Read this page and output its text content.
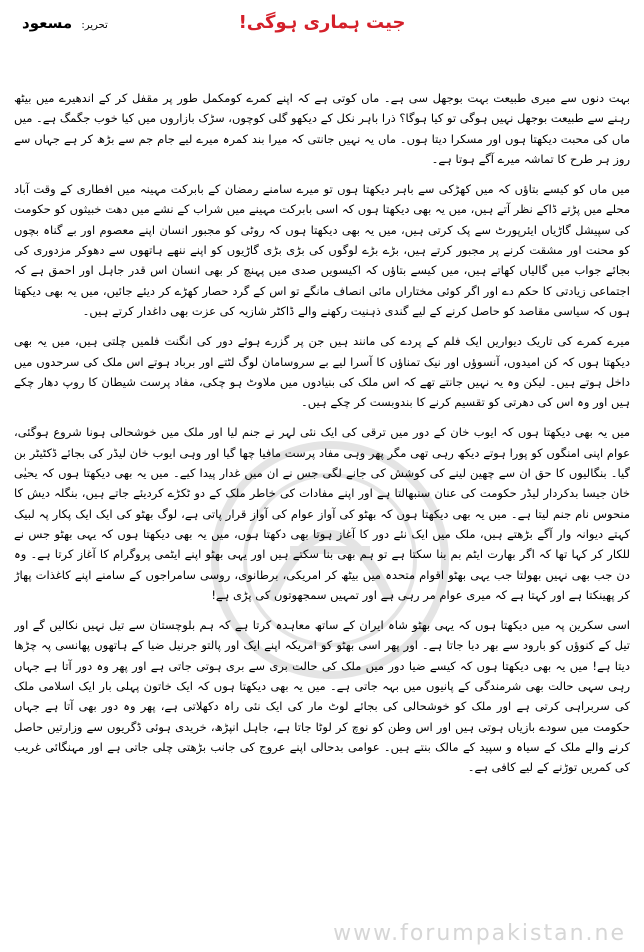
تحریر: مسعود	جیت ہماری ہوگی!

بہت دنوں سے میری طبیعت بہت بوجھل سی ہے۔ ماں کوتی ہے کہ اپنے کمرے کومکمل طور پر مقفل کر کے اندھیرے میں بیٹھ رہنے سے طبیعت بوجھل نہیں ہوگی تو کیا ہوگا؟ ذرا باہر نکل کے دیکھو گلی کوچوں، سڑک بازاروں میں کیا خوب جگمگ ہے۔ میں ماں کی محبت دیکھتا ہوں اور مسکرا دیتا ہوں۔ ماں یہ نہیں جانتی کہ میرا بند کمرہ میرے لیے جام جم سے بڑھ کر ہے جہاں سے روز ہر طرح کا تماشہ میرے آگے ہوتا ہے۔

میں ماں کو کیسے بتاؤں کہ میں کھڑکی سے باہر دیکھتا ہوں تو میرے سامنے رمضان کے بابرکت مہینہ میں افطاری کے وقت آباد محلے میں پڑتے ڈاکے نظر آتے ہیں، میں یہ بھی دیکھتا ہوں کہ اسی بابرکت مہینے میں شراب کے نشے میں دھت خبیثوں کو حکومت کی سپیشل گاڑیاں ایئرپورٹ سے پک کرتی ہیں، میں یہ بھی دیکھتا ہوں کہ روٹی کو مجبور انسان اپنے معصوم اور بے گناہ بچوں کو محنت اور مشقت کرنے پر مجبور کرتے ہیں، بڑے بڑے لوگوں کی بڑی بڑی گاڑیوں کو اپنے ننھے ہاتھوں سے دھوکر مزدوری کی بجائے جواب میں گالیاں کھاتے ہیں، میں کیسے بتاؤں کہ اکیسویں صدی میں پہنچ کر بھی انسان اس قدر جاہل اور احمق ہے کہ اجتماعی زیادتی کا حکم دے اور اگر کوئی مختاراں مائی انصاف مانگے تو اس کے گرد حصار کھڑے کر دیئے جائیں، میں یہ بھی دیکھتا ہوں کہ سیاسی مقاصد کو حاصل کرنے کے لیے گندی ذہنیت رکھنے والے ڈاکٹر شازیہ کی عزت بھی داغدار کرتے ہیں۔

میرے کمرے کی تاریک دیواریں ایک فلم کے پردے کی مانند ہیں جن پر گزرے ہوئے دور کی انگنت فلمیں چلتی ہیں، میں یہ بھی دیکھتا ہوں کہ کن امیدوں، آنسوؤں اور نیک تمناؤں کا آسرا لیے بے سروسامان لوگ لٹتے اور برباد ہوتے اس ملک کی سرحدوں میں داخل ہوتے ہیں۔ لیکن وہ یہ نہیں جانتے تھے کہ اس ملک کی بنیادوں میں ملاوٹ ہو چکی، مفاد پرست شیطان کا روپ دھار چکے ہیں اور وہ اس کی دھرتی کو تقسیم کرنے کا بندوبست کر چکے ہیں۔

میں یہ بھی دیکھتا ہوں کہ ایوب خان کے دور میں ترقی کی ایک نئی لہر نے جنم لیا اور ملک میں خوشحالی ہونا شروع ہوگئی، عوام اپنی امنگوں کو پورا ہوتے دیکھ رہی تھی مگر پھر وہی مفاد پرست مافیا چھا گیا اور وہی ایوب خان لیڈر کی بجائے ڈکٹیٹر بن گیا۔ بنگالیوں کا حق ان سے چھین لینے کی کوشش کی جانے لگی جس نے ان میں غدار پیدا کیے۔ میں یہ بھی دیکھتا ہوں کہ یحیٰی خان جیسا بدکردار لیڈر حکومت کی عنان سنبھالتا ہے اور اپنے مفادات کی خاطر ملک کے دو ٹکڑے کردیئے جاتے ہیں، بنگلہ دیش کا منحوس نام جنم لیتا ہے۔ میں یہ بھی دیکھتا ہوں کہ بھٹو کی آواز عوام کی آواز قرار پاتی ہے، لوگ بھٹو کی ایک ایک پکار پہ لبیک کہتے دیوانہ وار آگے بڑھتے ہیں، ملک میں ایک نئے دور کا آغاز ہوتا بھی دکھتا ہوں، میں یہ بھی دیکھتا ہوں کہ یہی بھٹو جس نے للکار کر کہا تھا کہ اگر بھارت ایٹم بم بنا سکتا ہے تو ہم بھی بنا سکتے ہیں اور یہی بھٹو اپنے ایٹمی پروگرام کا آغاز کرتا ہے۔ وہ دن جب بھی نہیں بھولتا جب یہی بھٹو اقوام متحدہ میں بیٹھ کر امریکی، برطانوی، روسی سامراجوں کے سامنے اپنے کاغذات پھاڑ کر پھینکتا ہے اور کہتا ہے کہ میری عوام مر رہی ہے اور تمہیں سمجھوتوں کی پڑی ہے!

اسی سکرین پہ میں دیکھتا ہوں کہ یہی بھٹو شاہ ایران کے ساتھ معاہدہ کرتا ہے کہ ہم بلوچستان سے تیل نہیں نکالیں گے اور تیل کے کنوؤں کو بارود سے بھر دیا جاتا ہے۔ اور پھر اسی بھٹو کو امریکہ اپنے ایک اور پالتو جرنیل ضیا کے ہاتھوں پھانسی پہ چڑھا دیتا ہے! میں یہ بھی دیکھتا ہوں کہ کیسے ضیا دور میں ملک کی حالت بری سے بری ہوتی جاتی ہے اور پھر وہ دور آتا ہے جہاں رہی سہی حالت بھی شرمندگی کے پانیوں میں بہہ جاتی ہے۔ میں یہ بھی دیکھتا ہوں کہ ایک خاتون پہلی بار ایک اسلامی ملک کی سربراہی کرتی ہے اور ملک کو خوشحالی کی بجائے لوٹ مار کی ایک نئی راہ دکھلاتی ہے، پھر وہ دور بھی آتا ہے جہاں حکومت میں سودے بازیاں ہوتی ہیں اور اس وطن کو نوچ کر لوٹا جاتا ہے، جاہل انپڑھ، خریدی ہوئی ڈگریوں سے وزارتیں حاصل کرنے والے ملک کے سیاہ و سپید کے مالک بنتے ہیں۔ عوامی بدحالی اپنے عروج کی جانب بڑھتی چلی جاتی ہے اور مہنگائی غریب کی کمریں توڑنے کے لیے کافی ہے۔

www.forumpakistan.ne
